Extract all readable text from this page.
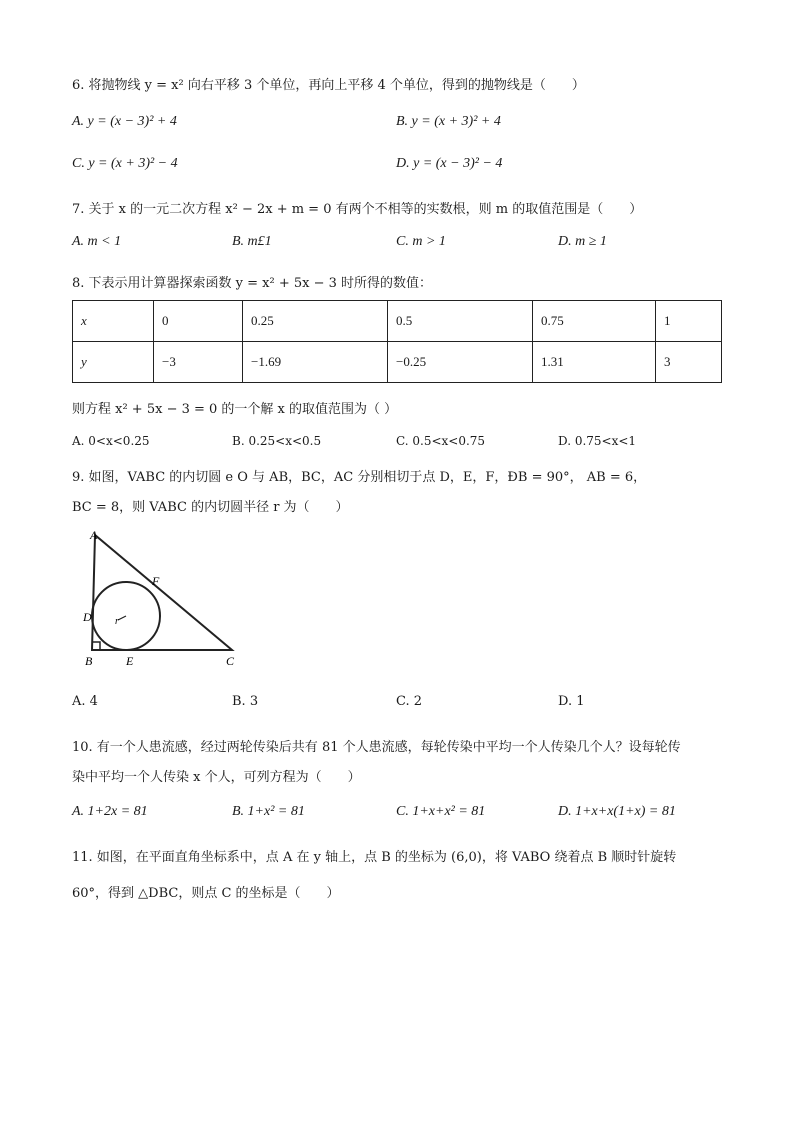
6. 将抛物线 y = x² 向右平移 3 个单位，再向上平移 4 个单位，得到的抛物线是（　　）
A. y = (x − 3)² + 4	B. y = (x + 3)² + 4
C. y = (x + 3)² − 4	D. y = (x − 3)² − 4
7. 关于 x 的一元二次方程 x² − 2x + m = 0 有两个不相等的实数根，则 m 的取值范围是（　　）
A. m < 1	B. m£1	C. m > 1	D. m ≥ 1
8. 下表示用计算器探索函数 y = x² + 5x − 3 时所得的数值：
x	0	0.25	0.5	0.75	1
y	−3	−1.69	−0.25	1.31	3
则方程 x² + 5x − 3 = 0 的一个解 x 的取值范围为（ ）
A. 0<x<0.25	B. 0.25<x<0.5	C. 0.5<x<0.75	D. 0.75<x<1
9. 如图，VABC 的内切圆 e O 与 AB，BC，AC 分别相切于点 D，E，F，ÐB = 90°， AB = 6，
BC = 8，则 VABC 的内切圆半径 r 为（　　）
A
B	C
D
E
F
r
A. 4	B. 3	C. 2	D. 1
10. 有一个人患流感，经过两轮传染后共有 81 个人患流感，每轮传染中平均一个人传染几个人？设每轮传
染中平均一个人传染 x 个人，可列方程为（　　）
A. 1+2x = 81	B. 1+x² = 81	C. 1+x+x² = 81	D. 1+x+x(1+x) = 81
11. 如图，在平面直角坐标系中，点 A 在 y 轴上，点 B 的坐标为 (6,0)，将 VABO 绕着点 B 顺时针旋转
60°，得到 △DBC，则点 C 的坐标是（　　）
